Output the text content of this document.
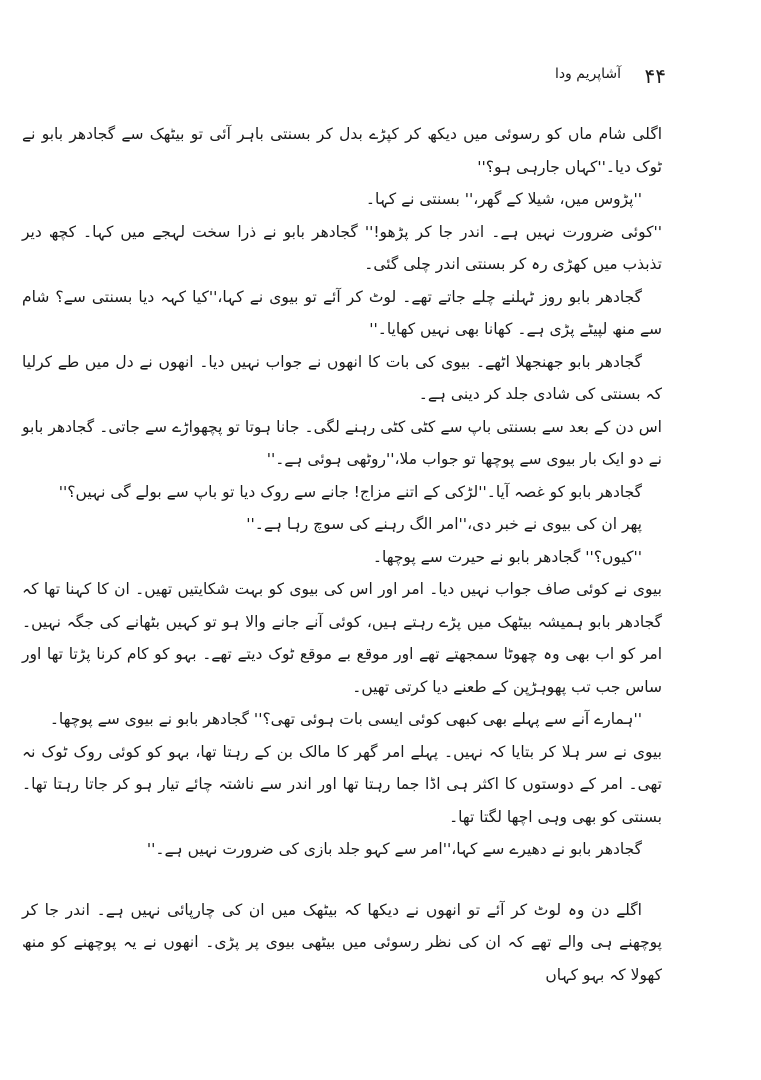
۴۴
آشاپریم ودا

اگلی شام ماں کو رسوئی میں دیکھ کر کپڑے بدل کر بسنتی باہر آئی تو بیٹھک سے گجادھر بابو نے ٹوک دیا۔''کہاں جارہی ہو؟''

''پڑوس میں، شیلا کے گھر،'' بسنتی نے کہا۔

''کوئی ضرورت نہیں ہے۔ اندر جا کر پڑھو!'' گجادھر بابو نے ذرا سخت لہجے میں کہا۔ کچھ دیر تذبذب میں کھڑی رہ کر بسنتی اندر چلی گئی۔

گجادھر بابو روز ٹہلنے چلے جاتے تھے۔ لوٹ کر آئے تو بیوی نے کہا،''کیا کہہ دیا بسنتی سے؟ شام سے منھ لپیٹے پڑی ہے۔ کھانا بھی نہیں کھایا۔''

گجادھر بابو جھنجھلا اٹھے۔ بیوی کی بات کا انھوں نے جواب نہیں دیا۔ انھوں نے دل میں طے کرلیا کہ بسنتی کی شادی جلد کر دینی ہے۔

اس دن کے بعد سے بسنتی باپ سے کٹی کٹی رہنے لگی۔ جانا ہوتا تو پچھواڑے سے جاتی۔ گجادھر بابو نے دو ایک بار بیوی سے پوچھا تو جواب ملا،''روٹھی ہوئی ہے۔''

گجادھر بابو کو غصہ آیا۔''لڑکی کے اتنے مزاج! جانے سے روک دیا تو باپ سے بولے گی نہیں؟''

پھر ان کی بیوی نے خبر دی،''امر الگ رہنے کی سوچ رہا ہے۔''

''کیوں؟'' گجادھر بابو نے حیرت سے پوچھا۔

بیوی نے کوئی صاف جواب نہیں دیا۔ امر اور اس کی بیوی کو بہت شکایتیں تھیں۔ ان کا کہنا تھا کہ گجادھر بابو ہمیشہ بیٹھک میں پڑے رہتے ہیں، کوئی آنے جانے والا ہو تو کہیں بٹھانے کی جگہ نہیں۔ امر کو اب بھی وہ چھوٹا سمجھتے تھے اور موقع بے موقع ٹوک دیتے تھے۔ بہو کو کام کرنا پڑتا تھا اور ساس جب تب پھوہڑپن کے طعنے دیا کرتی تھیں۔

''ہمارے آنے سے پہلے بھی کبھی کوئی ایسی بات ہوئی تھی؟'' گجادھر بابو نے بیوی سے پوچھا۔

بیوی نے سر ہلا کر بتایا کہ نہیں۔ پہلے امر گھر کا مالک بن کے رہتا تھا، بہو کو کوئی روک ٹوک نہ تھی۔ امر کے دوستوں کا اکثر ہی اڈا جما رہتا تھا اور اندر سے ناشتہ چائے تیار ہو کر جاتا رہتا تھا۔ بسنتی کو بھی وہی اچھا لگتا تھا۔

گجادھر بابو نے دھیرے سے کہا،''امر سے کہو جلد بازی کی ضرورت نہیں ہے۔''

اگلے دن وہ لوٹ کر آئے تو انھوں نے دیکھا کہ بیٹھک میں ان کی چارپائی نہیں ہے۔ اندر جا کر پوچھنے ہی والے تھے کہ ان کی نظر رسوئی میں بیٹھی بیوی پر پڑی۔ انھوں نے یہ پوچھنے کو منھ کھولا کہ بہو کہاں
